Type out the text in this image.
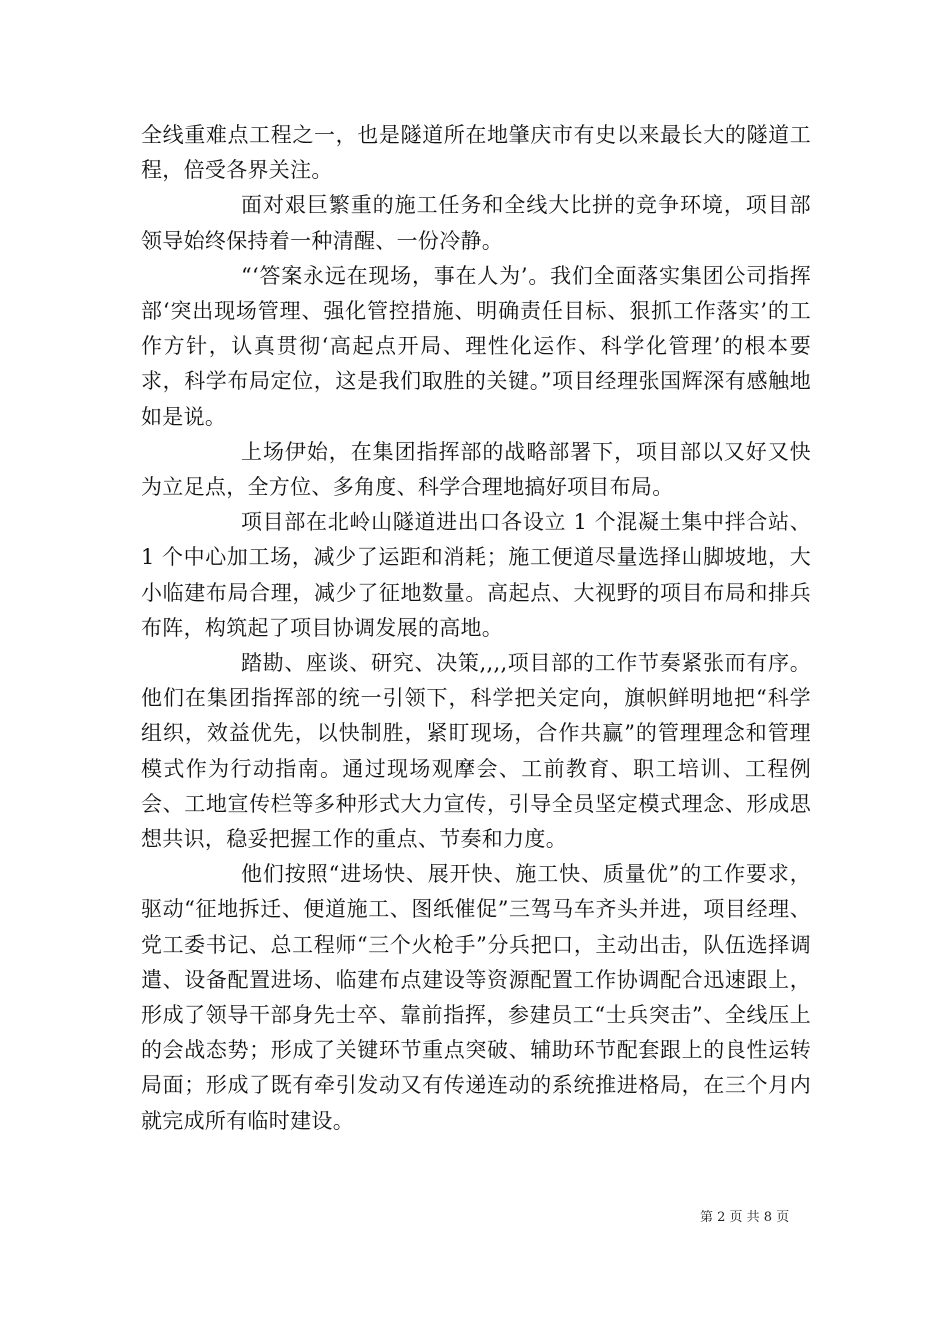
全线重难点工程之一，也是隧道所在地肇庆市有史以来最长大的隧道工程，倍受各界关注。

面对艰巨繁重的施工任务和全线大比拼的竞争环境，项目部领导始终保持着一种清醒、一份冷静。

“‘答案永远在现场，事在人为’。我们全面落实集团公司指挥部‘突出现场管理、强化管控措施、明确责任目标、狠抓工作落实’的工作方针，认真贯彻‘高起点开局、理性化运作、科学化管理’的根本要求，科学布局定位，这是我们取胜的关键。”项目经理张国辉深有感触地如是说。

上场伊始，在集团指挥部的战略部署下，项目部以又好又快为立足点，全方位、多角度、科学合理地搞好项目布局。

项目部在北岭山隧道进出口各设立 1 个混凝土集中拌合站、1 个中心加工场，减少了运距和消耗；施工便道尽量选择山脚坡地，大小临建布局合理，减少了征地数量。高起点、大视野的项目布局和排兵布阵，构筑起了项目协调发展的高地。

踏勘、座谈、研究、决策,,,,项目部的工作节奏紧张而有序。他们在集团指挥部的统一引领下，科学把关定向，旗帜鲜明地把“科学组织，效益优先，以快制胜，紧盯现场，合作共赢”的管理理念和管理模式作为行动指南。通过现场观摩会、工前教育、职工培训、工程例会、工地宣传栏等多种形式大力宣传，引导全员坚定模式理念、形成思想共识，稳妥把握工作的重点、节奏和力度。

他们按照“进场快、展开快、施工快、质量优”的工作要求，驱动“征地拆迁、便道施工、图纸催促”三驾马车齐头并进，项目经理、党工委书记、总工程师“三个火枪手”分兵把口，主动出击，队伍选择调遣、设备配置进场、临建布点建设等资源配置工作协调配合迅速跟上，形成了领导干部身先士卒、靠前指挥，参建员工“士兵突击”、全线压上的会战态势；形成了关键环节重点突破、辅助环节配套跟上的良性运转局面；形成了既有牵引发动又有传递连动的系统推进格局，在三个月内就完成所有临时建设。

第 2 页 共 8 页
